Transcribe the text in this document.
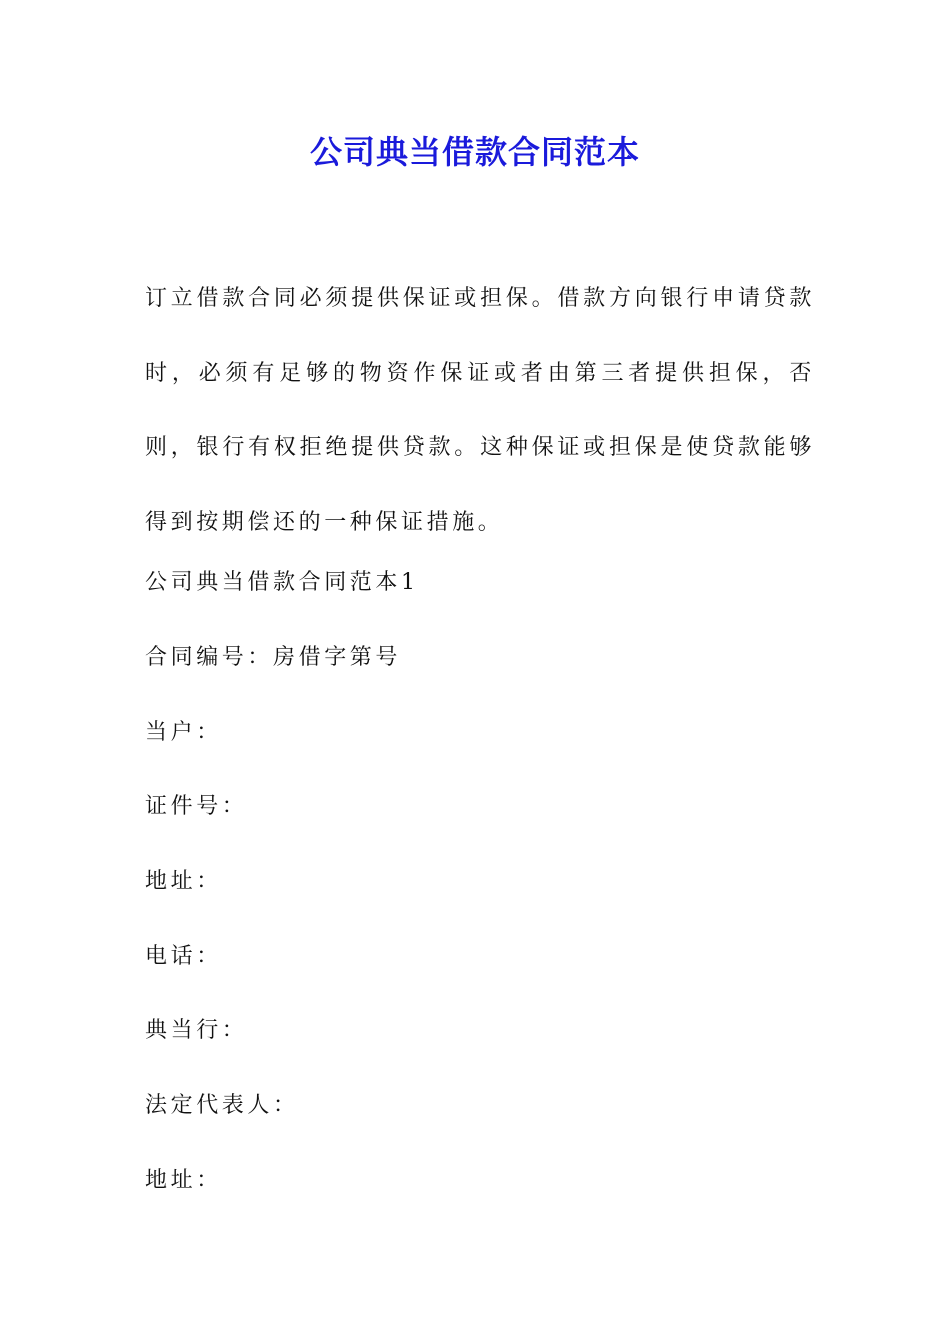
公司典当借款合同范本

订立借款合同必须提供保证或担保。借款方向银行申请贷款时，必须有足够的物资作保证或者由第三者提供担保，否则，银行有权拒绝提供贷款。这种保证或担保是使贷款能够得到按期偿还的一种保证措施。

公司典当借款合同范本1

合同编号：房借字第号

当户：

证件号：

地址：

电话：

典当行：

法定代表人：

地址：
